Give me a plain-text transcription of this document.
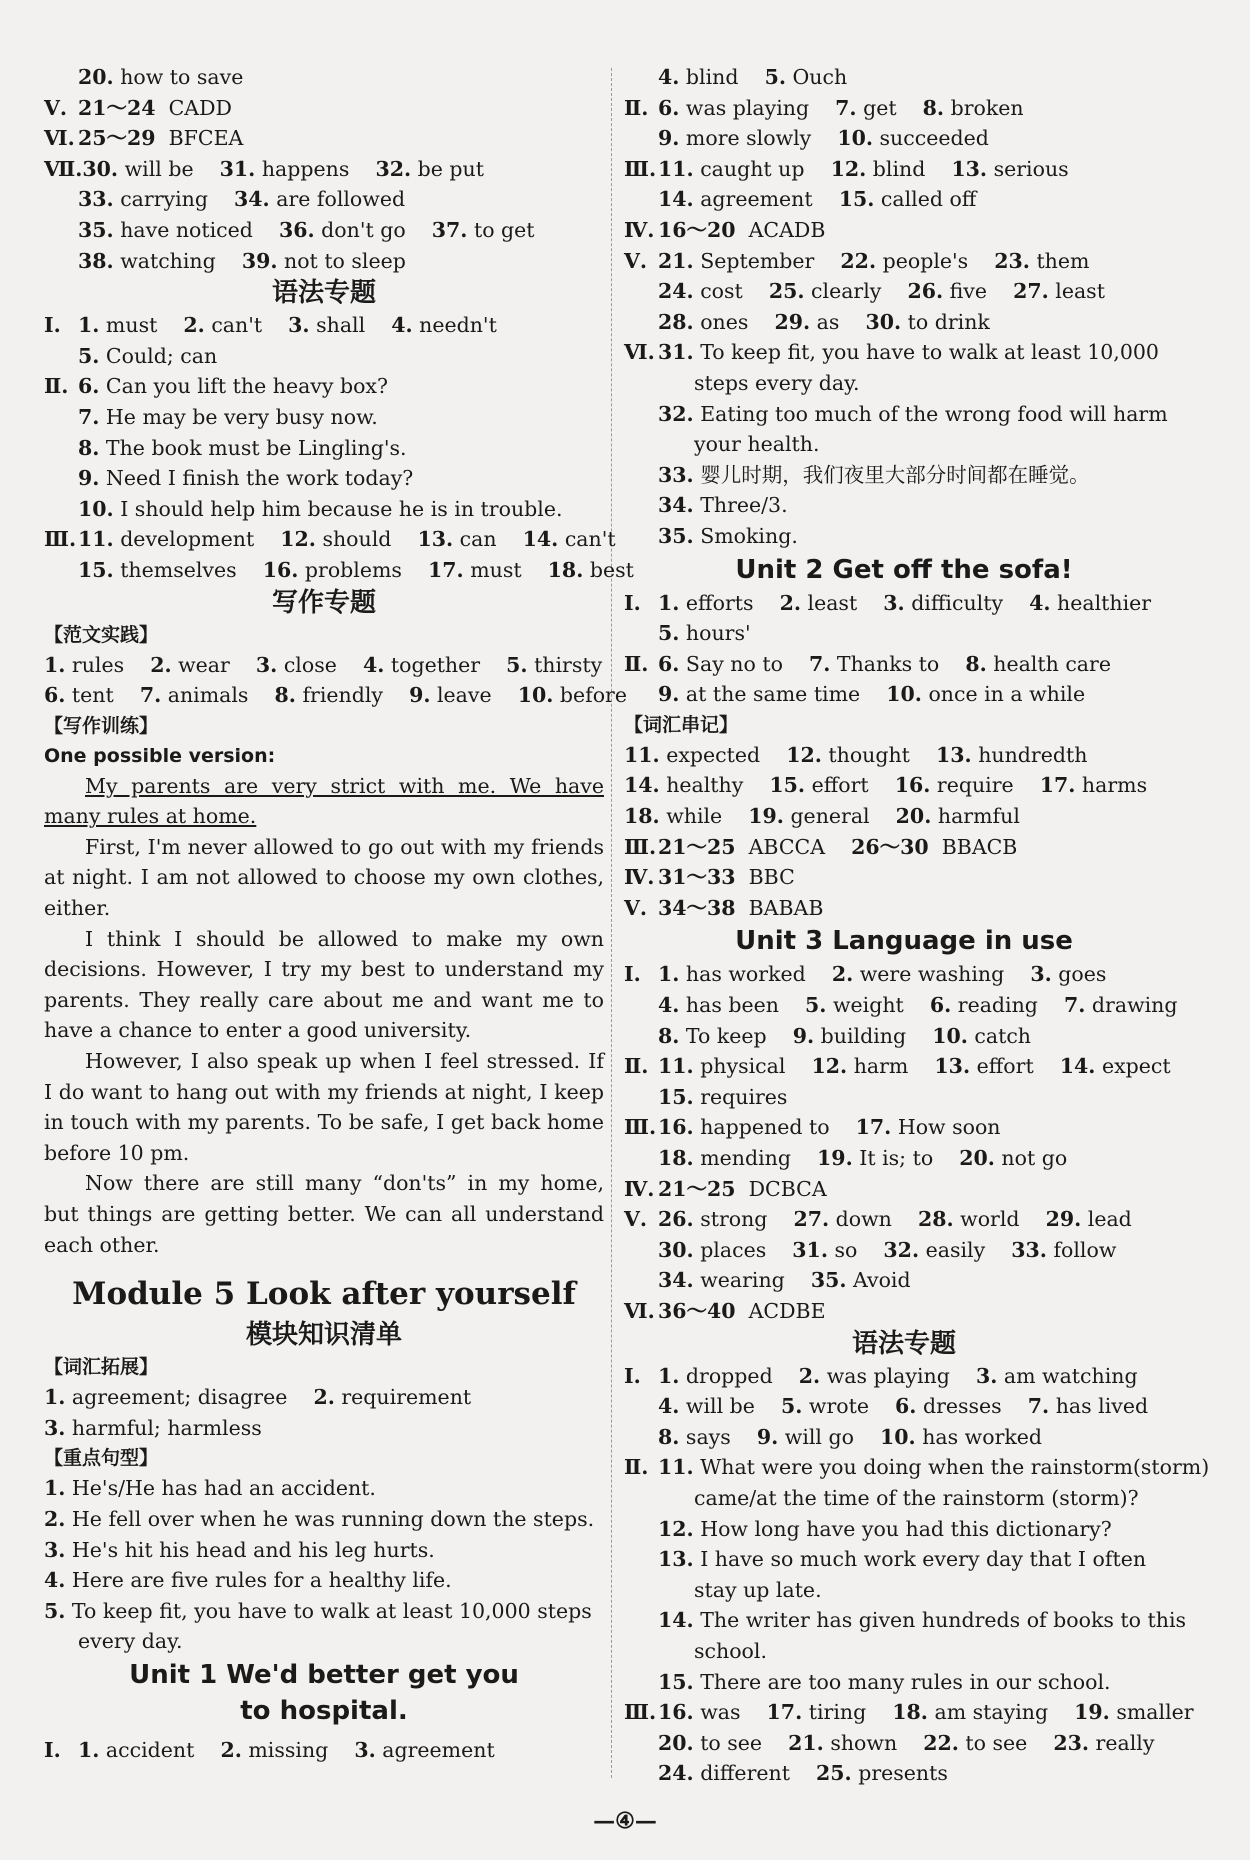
20. how to save
Ⅴ. 21～24  CADD
Ⅵ. 25～29  BFCEA
Ⅶ.30. will be    31. happens    32. be put
33. carrying    34. are followed
35. have noticed    36. don't go    37. to get
38. watching    39. not to sleep
语法专题
Ⅰ. 1. must    2. can't    3. shall    4. needn't
5. Could; can
Ⅱ. 6. Can you lift the heavy box?
7. He may be very busy now.
8. The book must be Lingling's.
9. Need I finish the work today?
10. I should help him because he is in trouble.
Ⅲ.11. development    12. should    13. can    14. can't
15. themselves    16. problems    17. must    18. best
写作专题
【范文实践】
1. rules    2. wear    3. close    4. together    5. thirsty
6. tent    7. animals    8. friendly    9. leave    10. before
【写作训练】
One possible version:

My parents are very strict with me. We have many rules at home.

First, I'm never allowed to go out with my friends at night. I am not allowed to choose my own clothes, either.

I think I should be allowed to make my own decisions. However, I try my best to understand my parents. They really care about me and want me to have a chance to enter a good university.

However, I also speak up when I feel stressed. If I do want to hang out with my friends at night, I keep in touch with my parents. To be safe, I get back home before 10 pm.

Now there are still many “don'ts” in my home, but things are getting better. We can all understand each other.

Module 5 Look after yourself
模块知识清单
【词汇拓展】
1. agreement; disagree    2. requirement
3. harmful; harmless
【重点句型】
1. He's/He has had an accident.
2. He fell over when he was running down the steps.
3. He's hit his head and his leg hurts.
4. Here are five rules for a healthy life.
5. To keep fit, you have to walk at least 10,000 steps
every day.
Unit 1 We'd better get you
to hospital.
Ⅰ. 1. accident    2. missing    3. agreement
4. blind    5. Ouch
Ⅱ. 6. was playing    7. get    8. broken
9. more slowly    10. succeeded
Ⅲ.11. caught up    12. blind    13. serious
14. agreement    15. called off
Ⅳ. 16～20  ACADB
Ⅴ. 21. September    22. people's    23. them
24. cost    25. clearly    26. five    27. least
28. ones    29. as    30. to drink
Ⅵ. 31. To keep fit, you have to walk at least 10,000
steps every day.
32. Eating too much of the wrong food will harm
your health.
33. 婴儿时期，我们夜里大部分时间都在睡觉。
34. Three/3.
35. Smoking.
Unit 2 Get off the sofa!
Ⅰ. 1. efforts    2. least    3. difficulty    4. healthier
5. hours'
Ⅱ. 6. Say no to    7. Thanks to    8. health care
9. at the same time    10. once in a while
【词汇串记】
11. expected    12. thought    13. hundredth
14. healthy    15. effort    16. require    17. harms
18. while    19. general    20. harmful
Ⅲ.21～25  ABCCA    26～30  BBACB
Ⅳ. 31～33  BBC
Ⅴ. 34～38  BABAB
Unit 3 Language in use
Ⅰ. 1. has worked    2. were washing    3. goes
4. has been    5. weight    6. reading    7. drawing
8. To keep    9. building    10. catch
Ⅱ. 11. physical    12. harm    13. effort    14. expect
15. requires
Ⅲ.16. happened to    17. How soon
18. mending    19. It is; to    20. not go
Ⅳ. 21～25  DCBCA
Ⅴ. 26. strong    27. down    28. world    29. lead
30. places    31. so    32. easily    33. follow
34. wearing    35. Avoid
Ⅵ. 36～40  ACDBE
语法专题
Ⅰ. 1. dropped    2. was playing    3. am watching
4. will be    5. wrote    6. dresses    7. has lived
8. says    9. will go    10. has worked
Ⅱ. 11. What were you doing when the rainstorm(storm)
came/at the time of the rainstorm (storm)?
12. How long have you had this dictionary?
13. I have so much work every day that I often
stay up late.
14. The writer has given hundreds of books to this
school.
15. There are too many rules in our school.
Ⅲ.16. was    17. tiring    18. am staying    19. smaller
20. to see    21. shown    22. to see    23. really
24. different    25. presents
—④—
